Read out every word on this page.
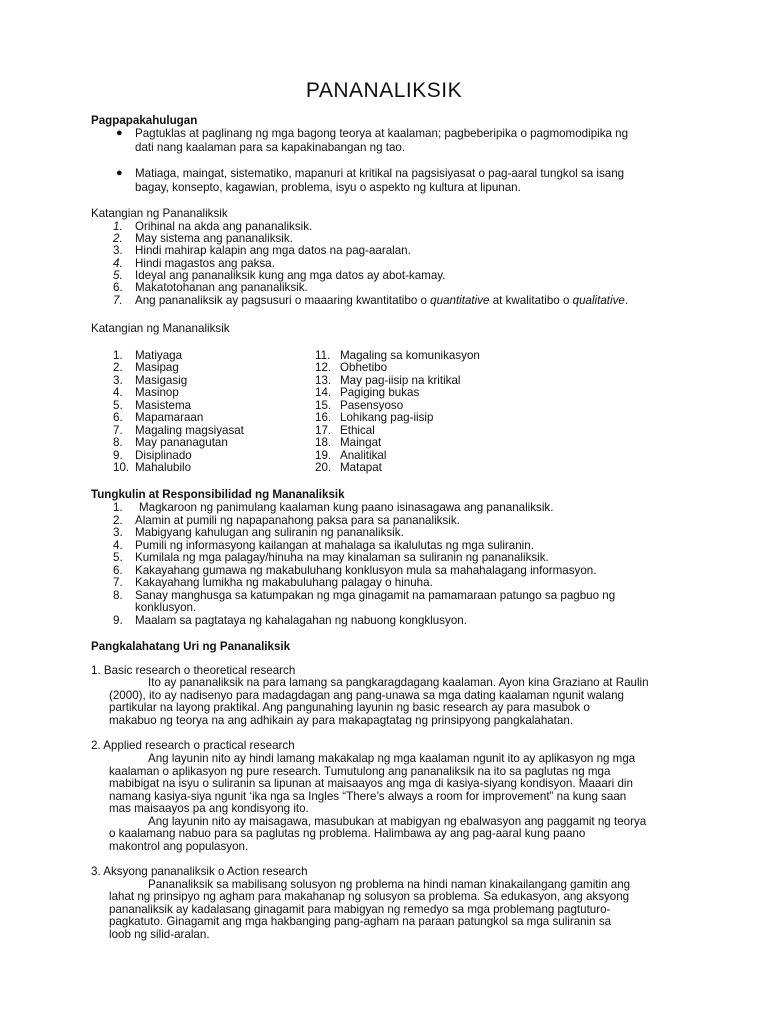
PANANALIKSIK
Pagpapakahulugan
● Pagtuklas at paglinang ng mga bagong teorya at kaalaman; pagbeberipika o pagmomodipika ng
dati nang kaalaman para sa kapakinabangan ng tao.
● Matiaga, maingat, sistematiko, mapanuri at kritikal na pagsisiyasat o pag-aaral tungkol sa isang
bagay, konsepto, kagawian, problema, isyu o aspekto ng kultura at lipunan.
Katangian ng Pananaliksik
1. Orihinal na akda ang pananaliksik.
2. May sistema ang pananaliksik.
3. Hindi mahirap kalapin ang mga datos na pag-aaralan.
4. Hindi magastos ang paksa.
5. Ideyal ang pananaliksik kung ang mga datos ay abot-kamay.
6. Makatotohanan ang pananaliksik.
7. Ang pananaliksik ay pagsusuri o maaaring kwantitatibo o quantitative at kwalitatibo o qualitative.
Katangian ng Mananaliksik
1. Matiyaga
2. Masipag
3. Masigasig
4. Masinop
5. Masistema
6. Mapamaraan
7. Magaling magsiyasat
8. May pananagutan
9. Disiplinado
10. Mahalubilo
11. Magaling sa komunikasyon
12. Obhetibo
13. May pag-iisip na kritikal
14. Pagiging bukas
15. Pasensyoso
16. Lohikang pag-iisip
17. Ethical
18. Maingat
19. Analitikal
20. Matapat
Tungkulin at Responsibilidad ng Mananaliksik
1. Magkaroon ng panimulang kaalaman kung paano isinasagawa ang pananaliksik.
2. Alamin at pumili ng napapanahong paksa para sa pananaliksik.
3. Mabigyang kahulugan ang suliranin ng pananaliksik.
4. Pumili ng informasyong kailangan at mahalaga sa ikalulutas ng mga suliranin.
5. Kumilala ng mga palagay/hinuha na may kinalaman sa suliranin ng pananaliksik.
6. Kakayahang gumawa ng makabuluhang konklusyon mula sa mahahalagang informasyon.
7. Kakayahang lumikha ng makabuluhang palagay o hinuha.
8. Sanay manghusga sa katumpakan ng mga ginagamit na pamamaraan patungo sa pagbuo ng
konklusyon.
9. Maalam sa pagtataya ng kahalagahan ng nabuong kongklusyon.
Pangkalahatang Uri ng Pananaliksik
1. Basic research o theoretical research
Ito ay pananaliksik na para lamang sa pangkaragdagang kaalaman. Ayon kina Graziano at Raulin
(2000), ito ay nadisenyo para madagdagan ang pang-unawa sa mga dating kaalaman ngunit walang
partikular na layong praktikal. Ang pangunahing layunin ng basic research ay para masubok o
makabuo ng teorya na ang adhikain ay para makapagtatag ng prinsipyong pangkalahatan.
2. Applied research o practical research
Ang layunin nito ay hindi lamang makakalap ng mga kaalaman ngunit ito ay aplikasyon ng mga
kaalaman o aplikasyon ng pure research. Tumutulong ang pananaliksik na ito sa paglutas ng mga
mabibigat na isyu o suliranin sa lipunan at maisaayos ang mga di kasiya-siyang kondisyon. Maaari din
namang kasiya-siya ngunit ‘ika nga sa Ingles “There’s always a room for improvement” na kung saan
mas maisaayos pa ang kondisyong ito.
Ang layunin nito ay maisagawa, masubukan at mabigyan ng ebalwasyon ang paggamit ng teorya
o kaalamang nabuo para sa paglutas ng problema. Halimbawa ay ang pag-aaral kung paano
makontrol ang populasyon.
3. Aksyong pananaliksik o Action research
Pananaliksik sa mabilisang solusyon ng problema na hindi naman kinakailangang gamitin ang
lahat ng prinsipyo ng agham para makahanap ng solusyon sa problema. Sa edukasyon, ang aksyong
pananaliksik ay kadalasang ginagamit para mabigyan ng remedyo sa mga problemang pagtuturo-
pagkatuto. Ginagamit ang mga hakbanging pang-agham na paraan patungkol sa mga suliranin sa
loob ng silid-aralan.
